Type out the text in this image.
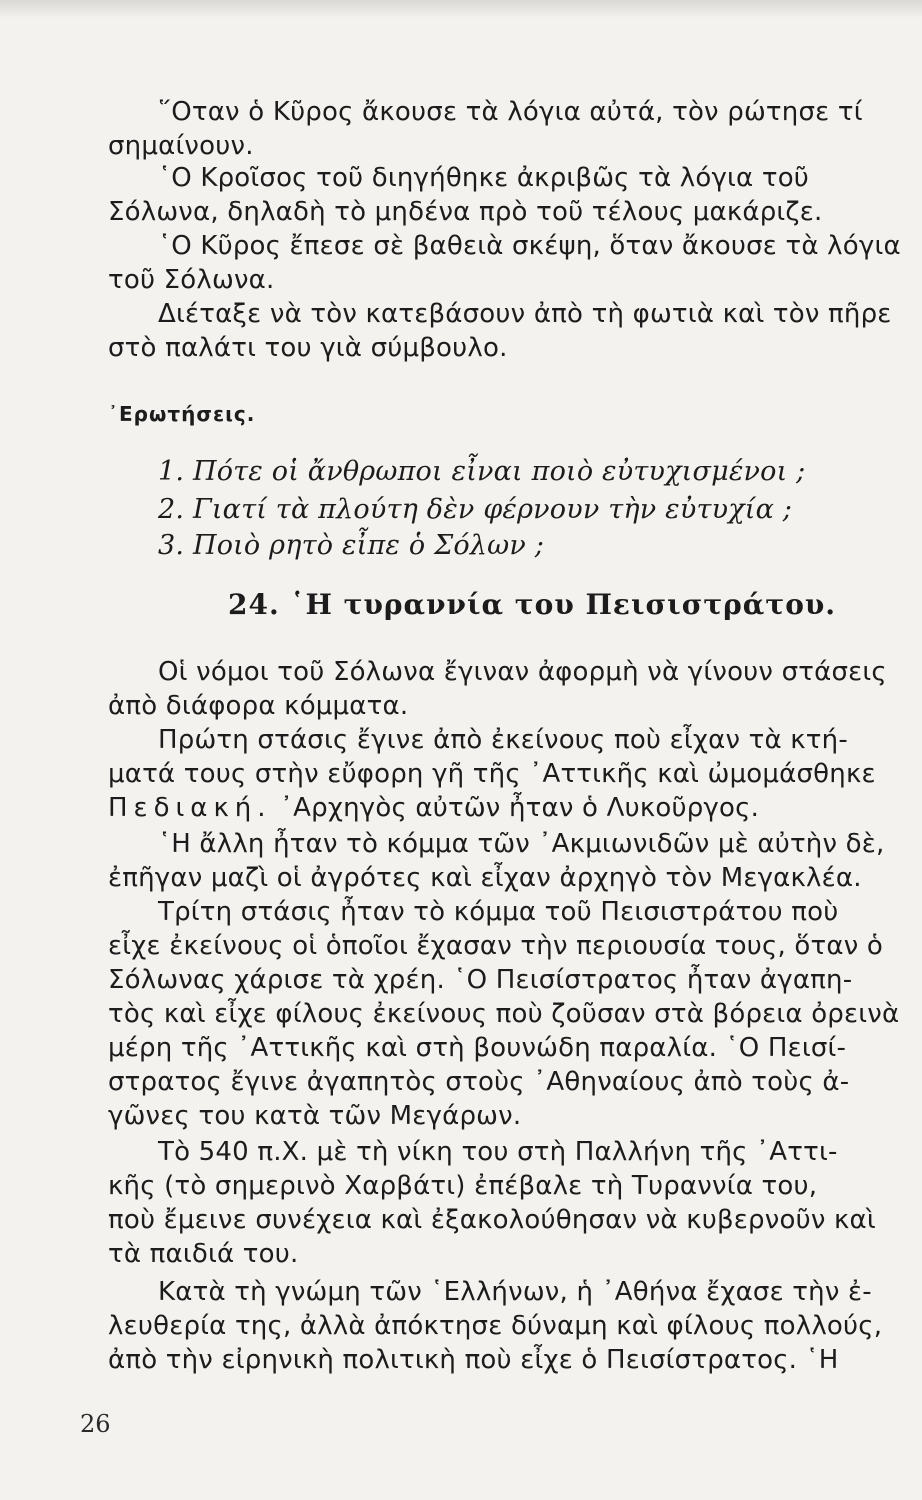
῞Οταν ὁ Κῦρος ἄκουσε τὰ λόγια αὐτά, τὸν ρώτησε τί
σημαίνουν.
῾Ο Κροῖσος τοῦ διηγήθηκε ἀκριβῶς τὰ λόγια τοῦ
Σόλωνα, δηλαδὴ τὸ μηδένα πρὸ τοῦ τέλους μακάριζε.
῾Ο Κῦρος ἔπεσε σὲ βαθειὰ σκέψη, ὅταν ἄκουσε τὰ λόγια
τοῦ Σόλωνα.
Διέταξε νὰ τὸν κατεβάσουν ἀπὸ τὴ φωτιὰ καὶ τὸν πῆρε
στὸ παλάτι του γιὰ σύμβουλο.
᾽Ερωτήσεις.
1. Πότε οἱ ἄνθρωποι εἶναι ποιὸ εὐτυχισμένοι ;
2. Γιατί τὰ πλούτη δὲν φέρνουν τὴν εὐτυχία ;
3. Ποιὸ ρητὸ εἶπε ὁ Σόλων ;
24. ῾Η τυραννία του Πεισιστράτου.
Οἱ νόμοι τοῦ Σόλωνα ἔγιναν ἀφορμὴ νὰ γίνουν στάσεις
ἀπὸ διάφορα κόμματα.
Πρώτη στάσις ἔγινε ἀπὸ ἐκείνους ποὺ εἶχαν τὰ κτή-
ματά τους στὴν εὔφορη γῆ τῆς ᾽Αττικῆς καὶ ὠμομάσθηκε
Πεδιακή. ᾽Αρχηγὸς αὐτῶν ἦταν ὁ Λυκοῦργος.
῾Η ἄλλη ἦταν τὸ κόμμα τῶν ᾽Ακμιωνιδῶν μὲ αὐτὴν δὲ,
ἐπῆγαν μαζὶ οἱ ἀγρότες καὶ εἶχαν ἀρχηγὸ τὸν Μεγακλέα.
Τρίτη στάσις ἦταν τὸ κόμμα τοῦ Πεισιστράτου ποὺ
εἶχε ἐκείνους οἱ ὁποῖοι ἔχασαν τὴν περιουσία τους, ὅταν ὁ
Σόλωνας χάρισε τὰ χρέη. ῾Ο Πεισίστρατος ἦταν ἀγαπη-
τὸς καὶ εἶχε φίλους ἐκείνους ποὺ ζοῦσαν στὰ βόρεια ὀρεινὰ
μέρη τῆς ᾽Αττικῆς καὶ στὴ βουνώδη παραλία. ῾Ο Πεισί-
στρατος ἔγινε ἀγαπητὸς στοὺς ᾽Αθηναίους ἀπὸ τοὺς ἀ-
γῶνες του κατὰ τῶν Μεγάρων.
Τὸ 540 π.Χ. μὲ τὴ νίκη του στὴ Παλλήνη τῆς ᾽Αττι-
κῆς (τὸ σημερινὸ Χαρβάτι) ἐπέβαλε τὴ Τυραννία του,
ποὺ ἔμεινε συνέχεια καὶ ἐξακολούθησαν νὰ κυβερνοῦν καὶ
τὰ παιδιά του.
Κατὰ τὴ γνώμη τῶν ῾Ελλήνων, ἡ ᾽Αθήνα ἔχασε τὴν ἐ-
λευθερία της, ἀλλὰ ἀπόκτησε δύναμη καὶ φίλους πολλούς,
ἀπὸ τὴν εἰρηνικὴ πολιτικὴ ποὺ εἶχε ὁ Πεισίστρατος. ῾Η
26
